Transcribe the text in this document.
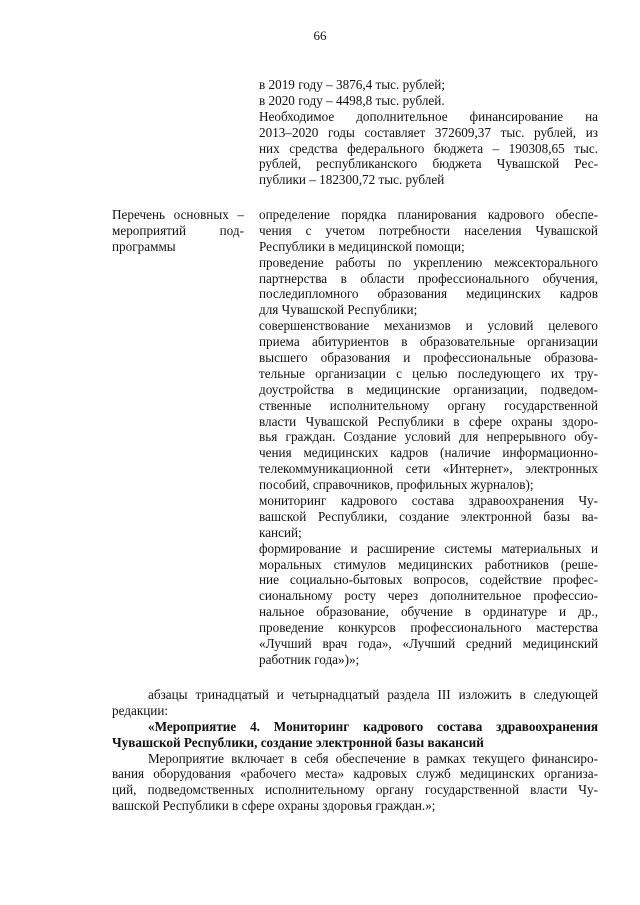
66
в 2019 году – 3876,4 тыс. рублей;
в 2020 году – 4498,8 тыс. рублей.
Необходимое дополнительное финансирование на
2013–2020 годы составляет 372609,37 тыс. рублей, из
них средства федерального бюджета – 190308,65 тыс.
рублей, республиканского бюджета Чувашской Рес-
публики – 182300,72 тыс. рублей
Перечень основных –
мероприятий под-
программы
определение порядка планирования кадрового обеспе-
чения с учетом потребности населения Чувашской
Республики в медицинской помощи;
проведение работы по укреплению межсекторального
партнерства в области профессионального обучения,
последипломного образования медицинских кадров
для Чувашской Республики;
совершенствование механизмов и условий целевого
приема абитуриентов в образовательные организации
высшего образования и профессиональные образова-
тельные организации с целью последующего их тру-
доустройства в медицинские организации, подведом-
ственные исполнительному органу государственной
власти Чувашской Республики в сфере охраны здоро-
вья граждан. Создание условий для непрерывного обу-
чения медицинских кадров (наличие информационно-
телекоммуникационной сети «Интернет», электронных
пособий, справочников, профильных журналов);
мониторинг кадрового состава здравоохранения Чу-
вашской Республики, создание электронной базы ва-
кансий;
формирование и расширение системы материальных и
моральных стимулов медицинских работников (реше-
ние социально-бытовых вопросов, содействие профес-
сиональному росту через дополнительное профессио-
нальное образование, обучение в ординатуре и др.,
проведение конкурсов профессионального мастерства
«Лучший врач года», «Лучший средний медицинский
работник года»)»;
абзацы тринадцатый и четырнадцатый раздела III изложить в следующей
редакции:
«Мероприятие 4. Мониторинг кадрового состава здравоохранения
Чувашской Республики, создание электронной базы вакансий
Мероприятие включает в себя обеспечение в рамках текущего финансиро-
вания оборудования «рабочего места» кадровых служб медицинских организа-
ций, подведомственных исполнительному органу государственной власти Чу-
вашской Республики в сфере охраны здоровья граждан.»;
